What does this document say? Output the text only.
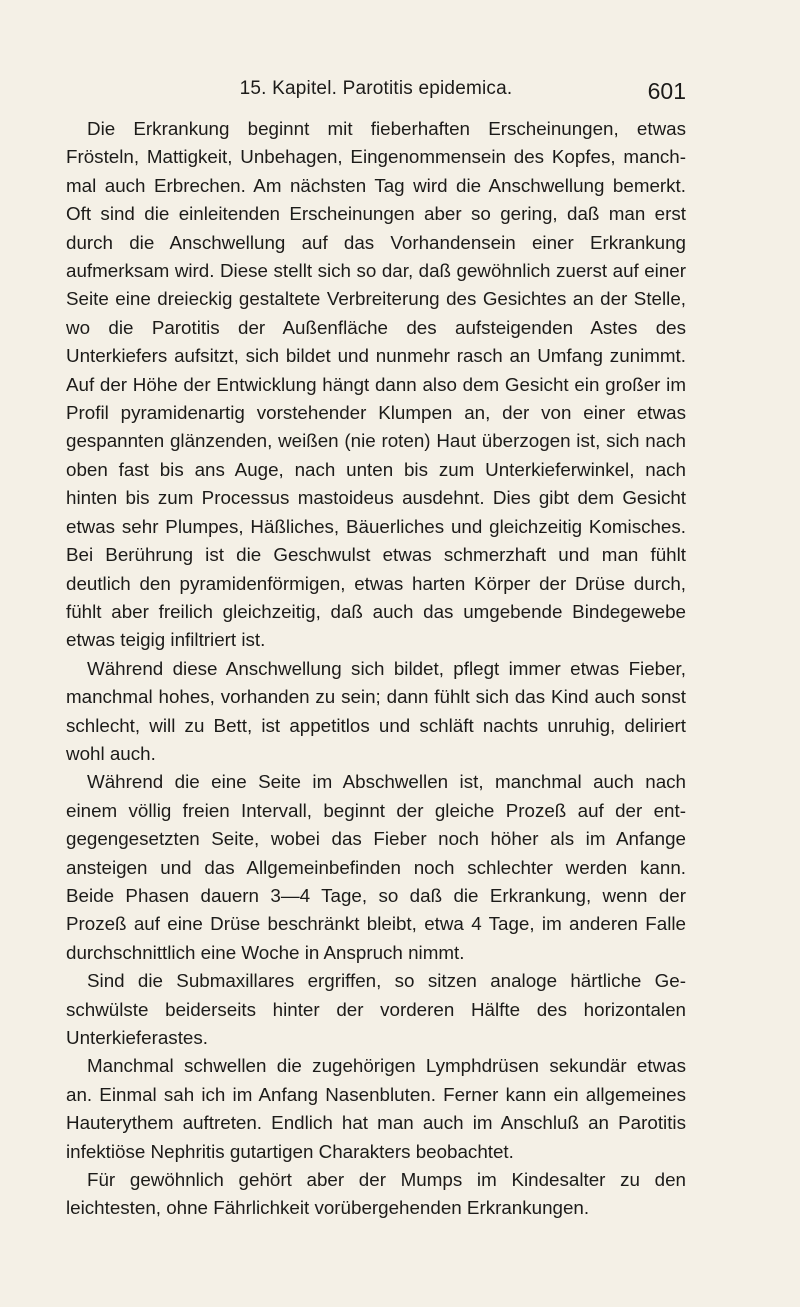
15. Kapitel. Parotitis epidemica.	601

Die Erkrankung beginnt mit fieberhaften Erscheinungen, etwas Frösteln, Mattigkeit, Unbehagen, Eingenommensein des Kopfes, manchmal auch Erbrechen. Am nächsten Tag wird die Anschwellung bemerkt. Oft sind die einleitenden Erscheinungen aber so gering, daß man erst durch die Anschwellung auf das Vorhandensein einer Erkrankung aufmerksam wird. Diese stellt sich so dar, daß gewöhnlich zuerst auf einer Seite eine dreieckig gestaltete Verbreiterung des Gesichtes an der Stelle, wo die Parotitis der Außenfläche des aufsteigenden Astes des Unterkiefers aufsitzt, sich bildet und nunmehr rasch an Umfang zunimmt. Auf der Höhe der Entwicklung hängt dann also dem Gesicht ein großer im Profil pyramidenartig vorstehender Klumpen an, der von einer etwas gespannten glänzenden, weißen (nie roten) Haut überzogen ist, sich nach oben fast bis ans Auge, nach unten bis zum Unterkieferwinkel, nach hinten bis zum Processus mastoideus ausdehnt. Dies gibt dem Gesicht etwas sehr Plumpes, Häßliches, Bäuerliches und gleichzeitig Komisches. Bei Berührung ist die Geschwulst etwas schmerzhaft und man fühlt deutlich den pyramidenförmigen, etwas harten Körper der Drüse durch, fühlt aber freilich gleichzeitig, daß auch das umgebende Bindegewebe etwas teigig infiltriert ist.

Während diese Anschwellung sich bildet, pflegt immer etwas Fieber, manchmal hohes, vorhanden zu sein; dann fühlt sich das Kind auch sonst schlecht, will zu Bett, ist appetitlos und schläft nachts unruhig, deliriert wohl auch.

Während die eine Seite im Abschwellen ist, manchmal auch nach einem völlig freien Intervall, beginnt der gleiche Prozeß auf der entgegengesetzten Seite, wobei das Fieber noch höher als im Anfange ansteigen und das Allgemeinbefinden noch schlechter werden kann. Beide Phasen dauern 3—4 Tage, so daß die Erkrankung, wenn der Prozeß auf eine Drüse beschränkt bleibt, etwa 4 Tage, im anderen Falle durchschnittlich eine Woche in Anspruch nimmt.

Sind die Submaxillares ergriffen, so sitzen analoge härtliche Geschwülste beiderseits hinter der vorderen Hälfte des horizontalen Unterkieferastes.

Manchmal schwellen die zugehörigen Lymphdrüsen sekundär etwas an. Einmal sah ich im Anfang Nasenbluten. Ferner kann ein allgemeines Hauterythem auftreten. Endlich hat man auch im Anschluß an Parotitis infektiöse Nephritis gutartigen Charakters beobachtet.

Für gewöhnlich gehört aber der Mumps im Kindesalter zu den leichtesten, ohne Fährlichkeit vorübergehenden Erkrankungen.
